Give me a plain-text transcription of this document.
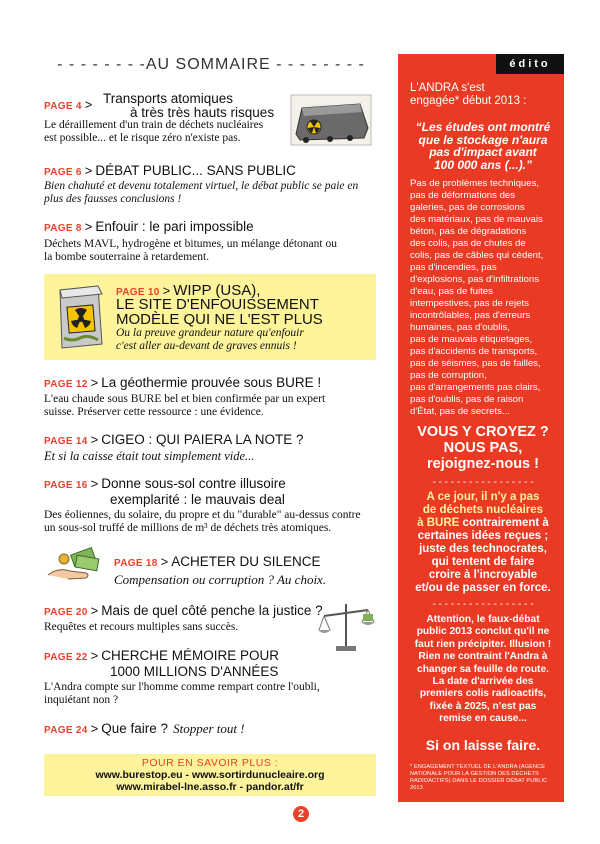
- - - - - - - -AU SOMMAIRE - - - - - - - -
PAGE 4 > Transports atomiques
à très très hauts risques
Le déraillement d'un train de déchets nucléaires
est possible... et le risque zéro n'existe pas.
PAGE 6 > DÉBAT PUBLIC... SANS PUBLIC
Bien chahuté et devenu totalement virtuel, le débat public se paie en
plus des fausses conclusions !
PAGE 8 > Enfouir : le pari impossible
Déchets MAVL, hydrogène et bitumes, un mélange détonant ou
la bombe souterraine à retardement.
PAGE 10 > WIPP (USA),
LE SITE D'ENFOUISSEMENT
MODÈLE QUI NE L'EST PLUS
Ou la preuve grandeur nature qu'enfouir
c'est aller au-devant de graves ennuis !
PAGE 12 > La géothermie prouvée sous BURE !
L'eau chaude sous BURE bel et bien confirmée par un expert
suisse. Préserver cette ressource : une évidence.
PAGE 14 > CIGEO : QUI PAIERA LA NOTE ?
Et si la caisse était tout simplement vide...
PAGE 16 > Donne sous-sol contre illusoire
exemplarité : le mauvais deal
Des éoliennes, du solaire, du propre et du "durable" au-dessus contre
un sous-sol truffé de millions de m³ de déchets très atomiques.
PAGE 18 > ACHETER DU SILENCE
Compensation ou corruption ? Au choix.
PAGE 20 > Mais de quel côté penche la justice ?
Requêtes et recours multiples sans succès.
PAGE 22 > CHERCHE MÉMOIRE POUR
1000 MILLIONS D'ANNÉES
L'Andra compte sur l'homme comme rempart contre l'oubli,
inquiétant non ?
PAGE 24 > Que faire ? Stopper tout !
POUR EN SAVOIR PLUS :
www.burestop.eu - www.sortirdunucleaire.org
www.mirabel-lne.asso.fr - pandor.at/fr
édito
L'ANDRA s'est
engagée* début 2013 :
“Les études ont montré
que le stockage n'aura
pas d'impact avant
100 000 ans (...).”
Pas de problèmes techniques,
pas de déformations des
galeries, pas de corrosions
des matériaux, pas de mauvais
béton, pas de dégradations
des colis, pas de chutes de
colis, pas de câbles qui cèdent,
pas d'incendies, pas
d'explosions, pas d'infiltrations
d'eau, pas de fuites
intempestives, pas de rejets
incontrôlables, pas d'erreurs
humaines, pas d'oublis,
pas de mauvais étiquetages,
pas d'accidents de transports,
pas de séismes, pas de failles,
pas de corruption,
pas d'arrangements pas clairs,
pas d'oublis, pas de raison
d'État, pas de secrets...
VOUS Y CROYEZ ?
NOUS PAS,
rejoignez-nous !
- - - - - - - - - - - - - - - - -
A ce jour, il n'y a pas
de déchets nucléaires
à BURE contrairement à
certaines idées reçues ;
juste des technocrates,
qui tentent de faire
croire à l'incroyable
et/ou de passer en force.
- - - - - - - - - - - - - - - - -
Attention, le faux-débat
public 2013 conclut qu'il ne
faut rien précipiter. Illusion !
Rien ne contraint l'Andra à
changer sa feuille de route.
La date d'arrivée des
premiers colis radioactifs,
fixée à 2025, n'est pas
remise en cause...
Si on laisse faire.
* ENGAGEMENT TEXTUEL DE L'ANDRA (AGENCE
NATIONALE POUR LA GESTION DES DÉCHETS
RADIOACTIFS) DANS LE DOSSIER DÉBAT PUBLIC 2013
2
